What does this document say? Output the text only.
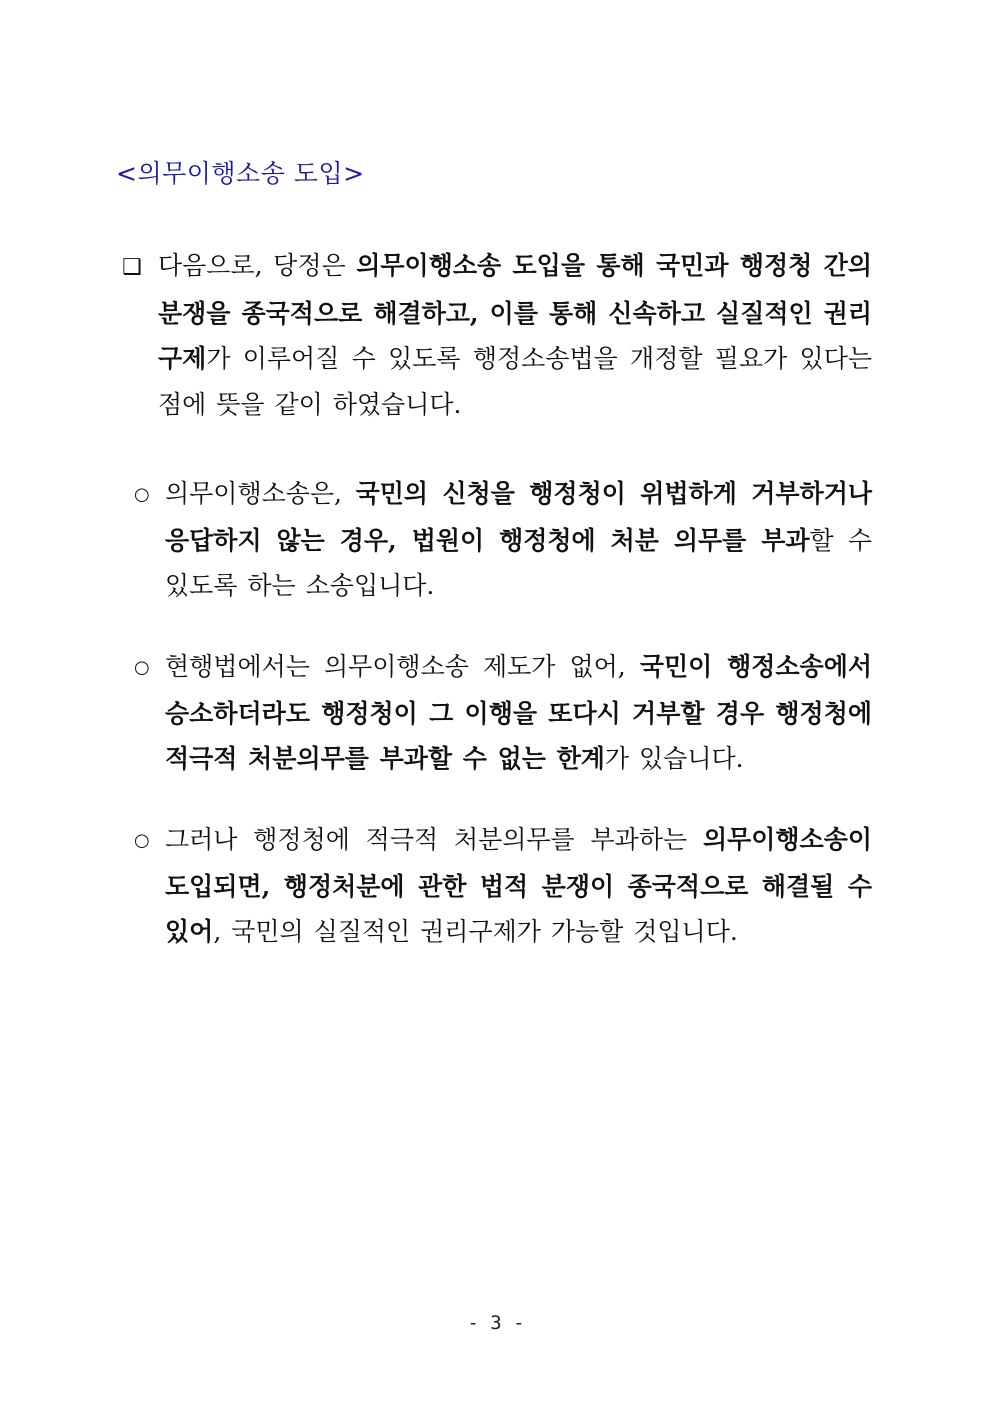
<의무이행소송 도입>
❑ 다음으로, 당정은 의무이행소송 도입을 통해 국민과 행정청 간의 분쟁을 종국적으로 해결하고, 이를 통해 신속하고 실질적인 권리구제가 이루어질 수 있도록 행정소송법을 개정할 필요가 있다는 점에 뜻을 같이 하였습니다.
○ 의무이행소송은, 국민의 신청을 행정청이 위법하게 거부하거나 응답하지 않는 경우, 법원이 행정청에 처분 의무를 부과할 수 있도록 하는 소송입니다.
○ 현행법에서는 의무이행소송 제도가 없어, 국민이 행정소송에서 승소하더라도 행정청이 그 이행을 또다시 거부할 경우 행정청에 적극적 처분의무를 부과할 수 없는 한계가 있습니다.
○ 그러나 행정청에 적극적 처분의무를 부과하는 의무이행소송이 도입되면, 행정처분에 관한 법적 분쟁이 종국적으로 해결될 수 있어, 국민의 실질적인 권리구제가 가능할 것입니다.
- 3 -
